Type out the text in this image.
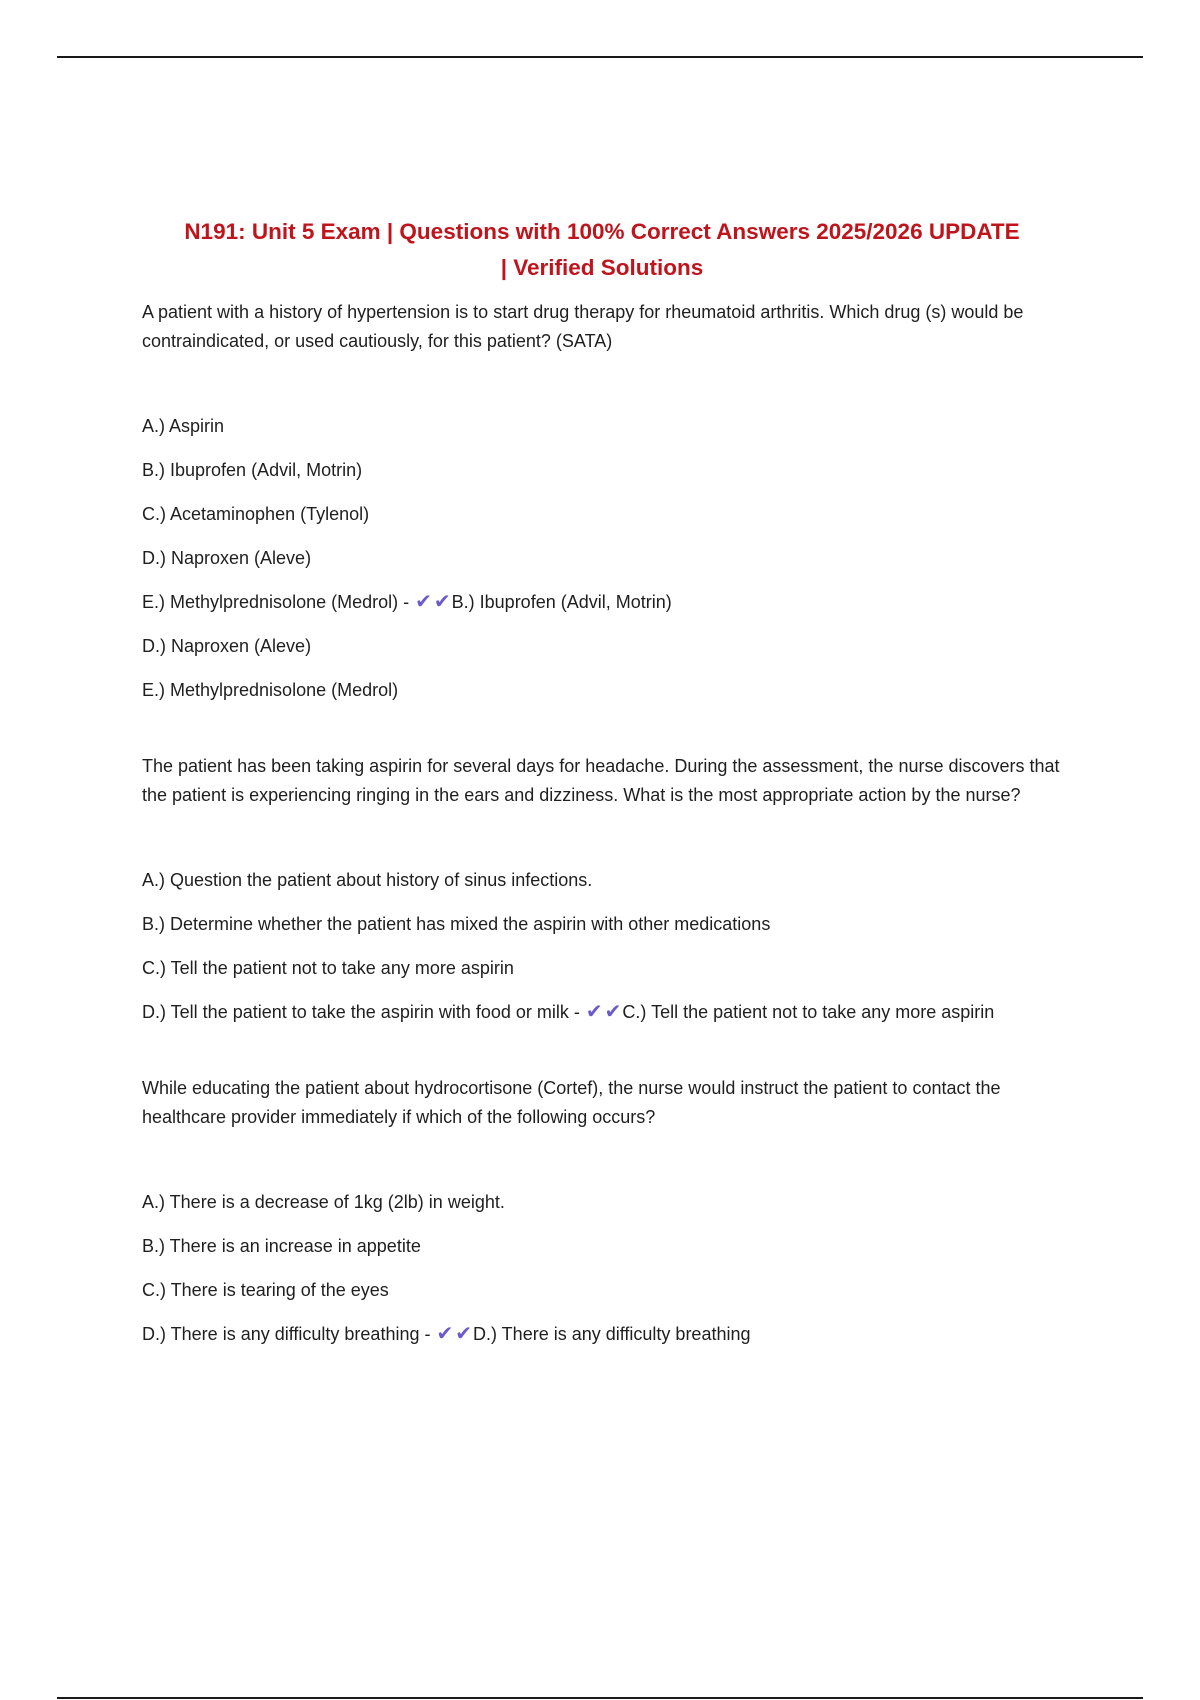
N191: Unit 5 Exam | Questions with 100% Correct Answers 2025/2026 UPDATE
| Verified Solutions

A patient with a history of hypertension is to start drug therapy for rheumatoid arthritis. Which drug (s) would be contraindicated, or used cautiously, for this patient? (SATA)

A.) Aspirin
B.) Ibuprofen (Advil, Motrin)
C.) Acetaminophen (Tylenol)
D.) Naproxen (Aleve)
E.) Methylprednisolone (Medrol) - ✔ ✔B.) Ibuprofen (Advil, Motrin)
D.) Naproxen (Aleve)
E.) Methylprednisolone (Medrol)

The patient has been taking aspirin for several days for headache. During the assessment, the nurse discovers that the patient is experiencing ringing in the ears and dizziness. What is the most appropriate action by the nurse?

A.) Question the patient about history of sinus infections.
B.) Determine whether the patient has mixed the aspirin with other medications
C.) Tell the patient not to take any more aspirin
D.) Tell the patient to take the aspirin with food or milk - ✔ ✔C.) Tell the patient not to take any more aspirin

While educating the patient about hydrocortisone (Cortef), the nurse would instruct the patient to contact the healthcare provider immediately if which of the following occurs?

A.) There is a decrease of 1kg (2lb) in weight.
B.) There is an increase in appetite
C.) There is tearing of the eyes
D.) There is any difficulty breathing - ✔ ✔D.) There is any difficulty breathing
